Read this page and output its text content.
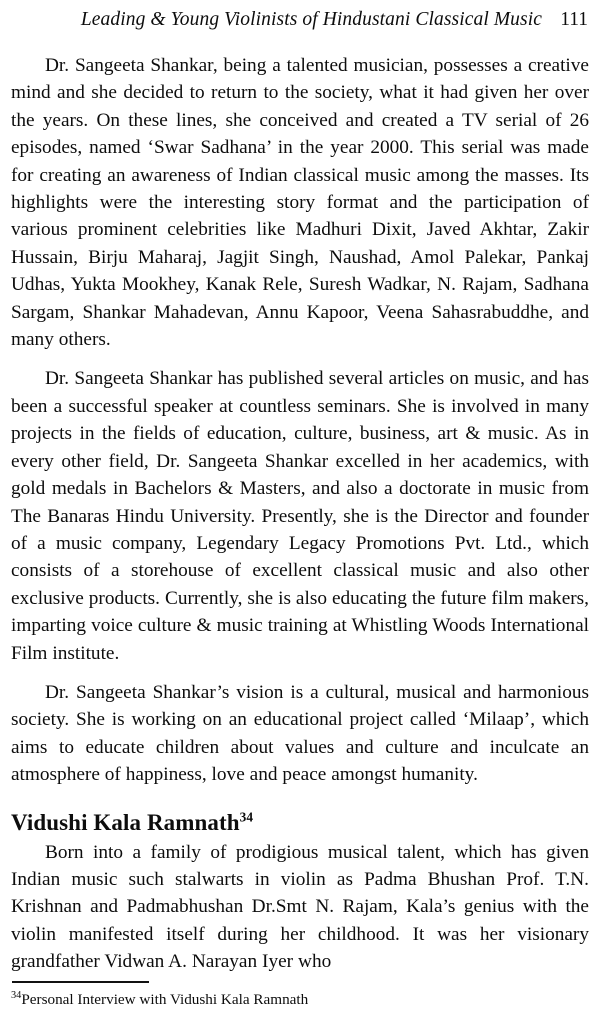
Leading & Young Violinists of Hindustani Classical Music 111

Dr. Sangeeta Shankar, being a talented musician, possesses a creative mind and she decided to return to the society, what it had given her over the years. On these lines, she conceived and created a TV serial of 26 episodes, named ‘Swar Sadhana’ in the year 2000. This serial was made for creating an awareness of Indian classical music among the masses. Its highlights were the interesting story format and the participation of various prominent celebrities like Madhuri Dixit, Javed Akhtar, Zakir Hussain, Birju Maharaj, Jagjit Singh, Naushad, Amol Palekar, Pankaj Udhas, Yukta Mookhey, Kanak Rele, Suresh Wadkar, N. Rajam, Sadhana Sargam, Shankar Mahadevan, Annu Kapoor, Veena Sahasrabuddhe, and many others.

Dr. Sangeeta Shankar has published several articles on music, and has been a successful speaker at countless seminars. She is involved in many projects in the fields of education, culture, business, art & music. As in every other field, Dr. Sangeeta Shankar excelled in her academics, with gold medals in Bachelors & Masters, and also a doctorate in music from The Banaras Hindu University. Presently, she is the Director and founder of a music company, Legendary Legacy Promotions Pvt. Ltd., which consists of a storehouse of excellent classical music and also other exclusive products. Currently, she is also educating the future film makers, imparting voice culture & music training at Whistling Woods International Film institute.

Dr. Sangeeta Shankar’s vision is a cultural, musical and harmonious society. She is working on an educational project called ‘Milaap’, which aims to educate children about values and culture and inculcate an atmosphere of happiness, love and peace amongst humanity.

Vidushi Kala Ramnath$^{34}$

Born into a family of prodigious musical talent, which has given Indian music such stalwarts in violin as Padma Bhushan Prof. T.N. Krishnan and Padmabhushan Dr.Smt N. Rajam, Kala’s genius with the violin manifested itself during her childhood. It was her visionary grandfather Vidwan A. Narayan Iyer who

$^{34}$Personal Interview with Vidushi Kala Ramnath
